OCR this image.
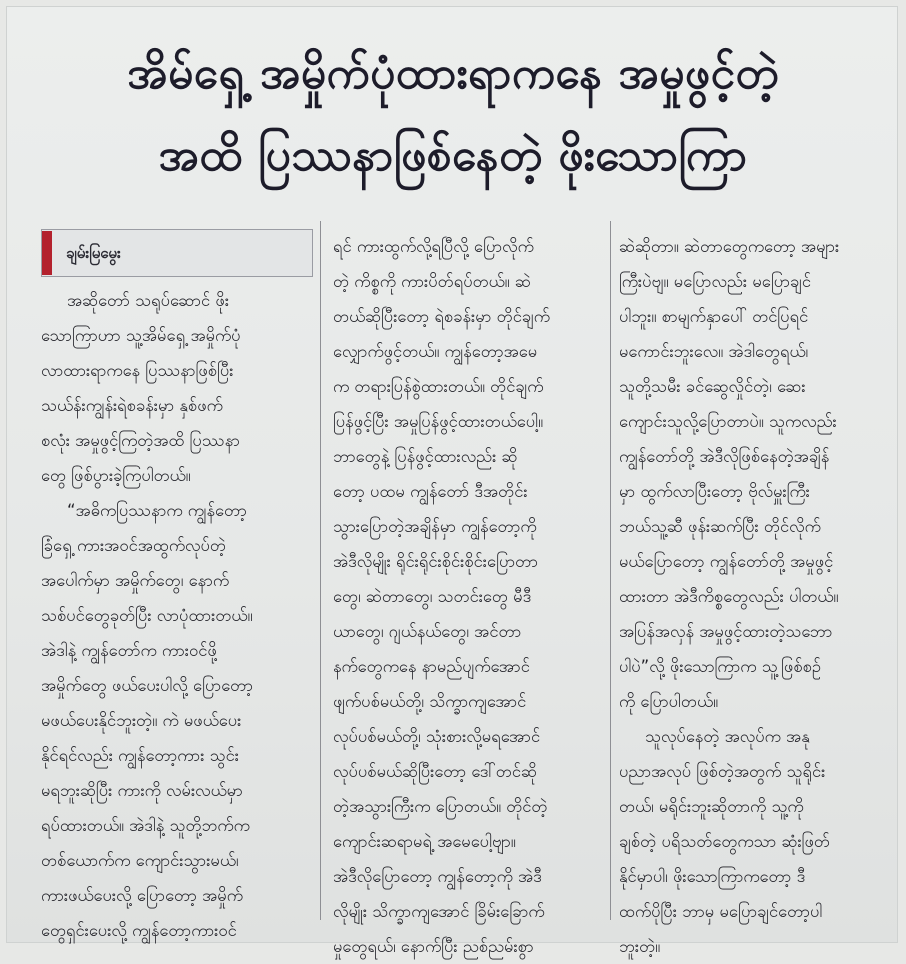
အိမ်ရှေ့ အမှိုက်ပုံထားရာကနေ အမှုဖွင့်တဲ့
အထိ ပြဿနာဖြစ်နေတဲ့ ဖိုးသောကြာ
ချမ်းမြမွေး
အဆိုတော် သရုပ်ဆောင် ဖိုး
သောကြာဟာ သူ့အိမ်ရှေ့ အမှိုက်ပုံ
လာထားရာကနေ ပြဿနာဖြစ်ပြီး
သယ်န်းကျွန်းရဲစခန်းမှာ နှစ်ဖက်
စလုံး အမှုဖွင့်ကြတဲ့အထိ ပြဿနာ
တွေ ဖြစ်ပွားခဲ့ကြပါတယ်။
“အဓိကပြဿနာက ကျွန်တော့
ခြံရှေ့ ကားအဝင်အထွက်လုပ်တဲ့
အပေါက်မှာ အမှိုက်တွေ၊ နောက်
သစ်ပင်တွေခုတ်ပြီး လာပုံထားတယ်။
အဲဒါနဲ့ ကျွန်တော်က ကားဝင်ဖို့
အမှိုက်တွေ ဖယ်ပေးပါလို့ ပြောတော့
မဖယ်ပေးနိုင်ဘူးတဲ့။ ကဲ မဖယ်ပေး
နိုင်ရင်လည်း ကျွန်တော့ကား သွင်း
မရဘူးဆိုပြီး ကားကို လမ်းလယ်မှာ
ရပ်ထားတယ်။ အဲဒါနဲ့ သူတို့ဘက်က
တစ်ယောက်က ကျောင်းသွားမယ်၊
ကားဖယ်ပေးလို့ ပြောတော့ အမှိုက်
တွေရှင်းပေးလို့ ကျွန်တော့ကားဝင်
ရင် ကားထွက်လို့ရပြီလို့ ပြောလိုက်
တဲ့ ကိစ္စကို ကားပိတ်ရပ်တယ်။ ဆဲ
တယ်ဆိုပြီးတော့ ရဲစခန်းမှာ တိုင်ချက်
လျှောက်ဖွင့်တယ်။ ကျွန်တော့အမေ
က တရားပြန်စွဲထားတယ်။ တိုင်ချက်
ပြန်ဖွင့်ပြီး အမှုပြန်ဖွင့်ထားတယ်ပေါ့။
ဘာတွေနဲ့ ပြန်ဖွင့်ထားလည်း ဆို
တော့ ပထမ ကျွန်တော် ဒီအတိုင်း
သွားပြောတဲ့အချိန်မှာ ကျွန်တော့ကို
အဲဒီလိုမျိုး ရိုင်းရိုင်းစိုင်းစိုင်းပြောတာ
တွေ၊ ဆဲတာတွေ၊ သတင်းတွေ မီဒီ
ယာတွေ၊ ဂျယ်နယ်တွေ၊ အင်တာ
နက်တွေကနေ နာမည်ပျက်အောင်
ဖျက်ပစ်မယ်တို့၊ သိက္ခာကျအောင်
လုပ်ပစ်မယ်တို့၊ သုံးစားလို့မရအောင်
လုပ်ပစ်မယ်ဆိုပြီးတော့ ဒေါ်တင်ဆို
တဲ့အသွားကြီးက ပြောတယ်။ တိုင်တဲ့
ကျောင်းဆရာမရဲ့ အမေပေါ့ဗျာ။
အဲဒီလိုပြောတော့ ကျွန်တော့ကို အဲဒီ
လိုမျိုး သိက္ခာကျအောင် ခြိမ်းခြောက်
မှုတွေရယ်၊ နောက်ပြီး ညစ်ညမ်းစွာ
ဆဲဆိုတာ။ ဆဲတာတွေကတော့ အများ
ကြီးပဲဗျ။ မပြောလည်း မပြောချင်
ပါဘူး။ စာမျက်နှာပေါ် တင်ပြရင်
မကောင်းဘူးလေ။ အဲဒါတွေရယ်၊
သူတို့သမီး ခင်ဆွေလှိုင်တဲ့၊ ဆေး
ကျောင်းသူလို့ပြောတာပဲ။ သူကလည်း
ကျွန်တော်တို့ အဲဒီလိုဖြစ်နေတဲ့အချိန်
မှာ ထွက်လာပြီးတော့ ဗိုလ်မှူးကြီး
ဘယ်သူ့ဆီ ဖုန်းဆက်ပြီး တိုင်လိုက်
မယ်ပြောတော့ ကျွန်တော်တို့ အမှုဖွင့်
ထားတာ အဲဒီကိစ္စတွေလည်း ပါတယ်။
အပြန်အလှန် အမှုဖွင့်ထားတဲ့သဘော
ပါပဲ”လို့ ဖိုးသောကြာက သူ့ဖြစ်စဉ်
ကို ပြောပါတယ်။
သူလုပ်နေတဲ့ အလုပ်က အနု
ပညာအလုပ် ဖြစ်တဲ့အတွက် သူရိုင်း
တယ်၊ မရိုင်းဘူးဆိုတာကို သူ့ကို
ချစ်တဲ့ ပရိသတ်တွေကသာ ဆုံးဖြတ်
နိုင်မှာပါ၊ ဖိုးသောကြာကတော့ ဒီ
ထက်ပိုပြီး ဘာမှ မပြောချင်တော့ပါ
ဘူးတဲ့။
